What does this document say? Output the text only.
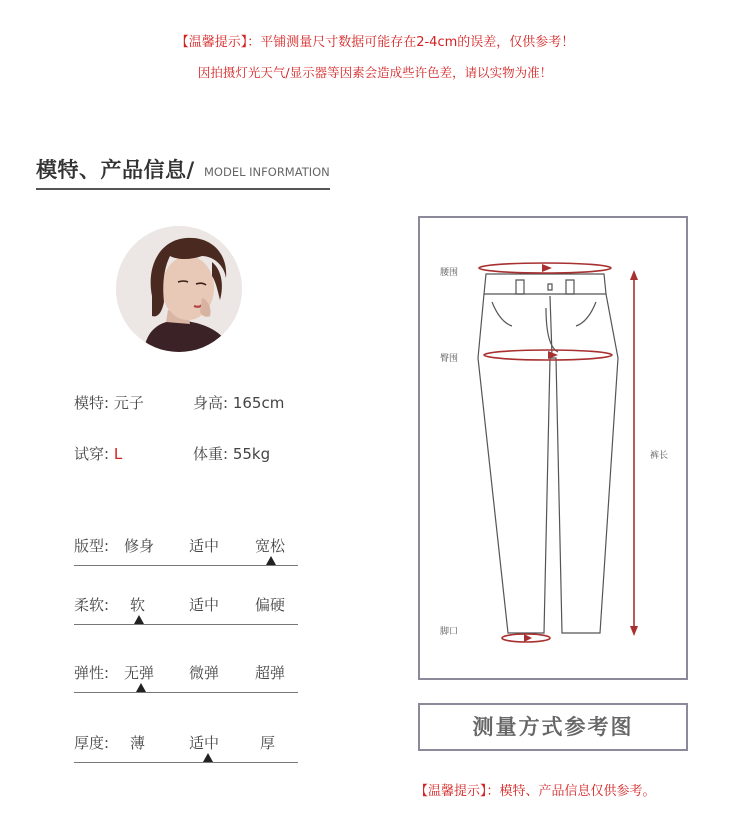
【温馨提示】：平铺测量尺寸数据可能存在2-4cm的误差，仅供参考！
因拍摄灯光天气/显示器等因素会造成些许色差，请以实物为准！
模特、产品信息/ MODEL INFORMATION
模特: 元子	身高: 165cm
试穿: L	体重: 55kg
版型: 修身 适中 宽松
柔软: 软	适中 偏硬
弹性: 无弹 微弹 超弹
厚度: 薄	适中	厚
腰围
臀围
裤长
脚口
测量方式参考图
【温馨提示】：模特、产品信息仅供参考。
